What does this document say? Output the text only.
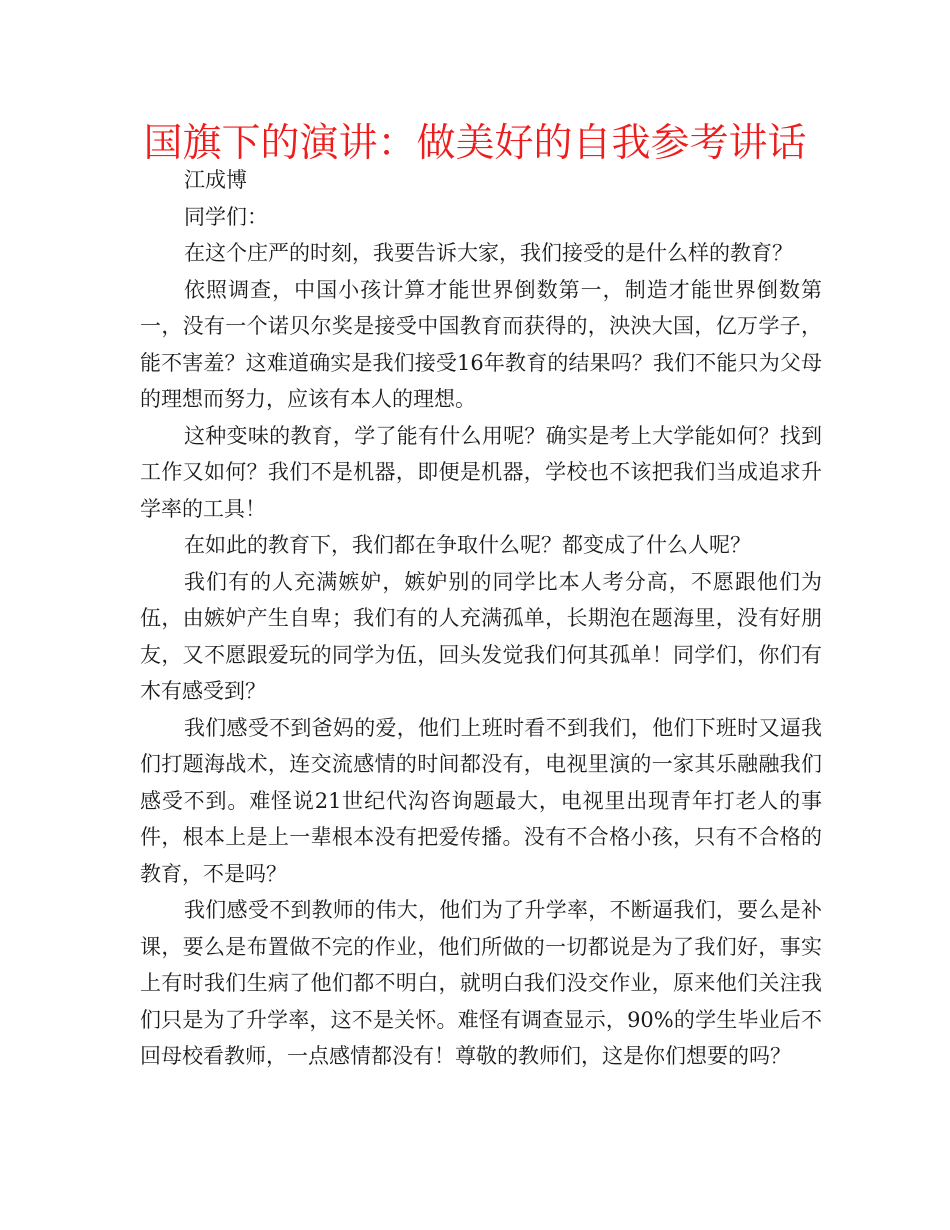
国旗下的演讲：做美好的自我参考讲话

江成博

同学们：

在这个庄严的时刻，我要告诉大家，我们接受的是什么样的教育？

依照调查，中国小孩计算才能世界倒数第一，制造才能世界倒数第一，没有一个诺贝尔奖是接受中国教育而获得的，泱泱大国，亿万学子，能不害羞？这难道确实是我们接受16年教育的结果吗？我们不能只为父母的理想而努力，应该有本人的理想。

这种变味的教育，学了能有什么用呢？确实是考上大学能如何？找到工作又如何？我们不是机器，即便是机器，学校也不该把我们当成追求升学率的工具！

在如此的教育下，我们都在争取什么呢？都变成了什么人呢？

我们有的人充满嫉妒，嫉妒别的同学比本人考分高，不愿跟他们为伍，由嫉妒产生自卑；我们有的人充满孤单，长期泡在题海里，没有好朋友，又不愿跟爱玩的同学为伍，回头发觉我们何其孤单！同学们，你们有木有感受到？

我们感受不到爸妈的爱，他们上班时看不到我们，他们下班时又逼我们打题海战术，连交流感情的时间都没有，电视里演的一家其乐融融我们感受不到。难怪说21世纪代沟咨询题最大，电视里出现青年打老人的事件，根本上是上一辈根本没有把爱传播。没有不合格小孩，只有不合格的教育，不是吗？

我们感受不到教师的伟大，他们为了升学率，不断逼我们，要么是补课，要么是布置做不完的作业，他们所做的一切都说是为了我们好，事实上有时我们生病了他们都不明白，就明白我们没交作业，原来他们关注我们只是为了升学率，这不是关怀。难怪有调查显示，90%的学生毕业后不回母校看教师，一点感情都没有！尊敬的教师们，这是你们想要的吗？
